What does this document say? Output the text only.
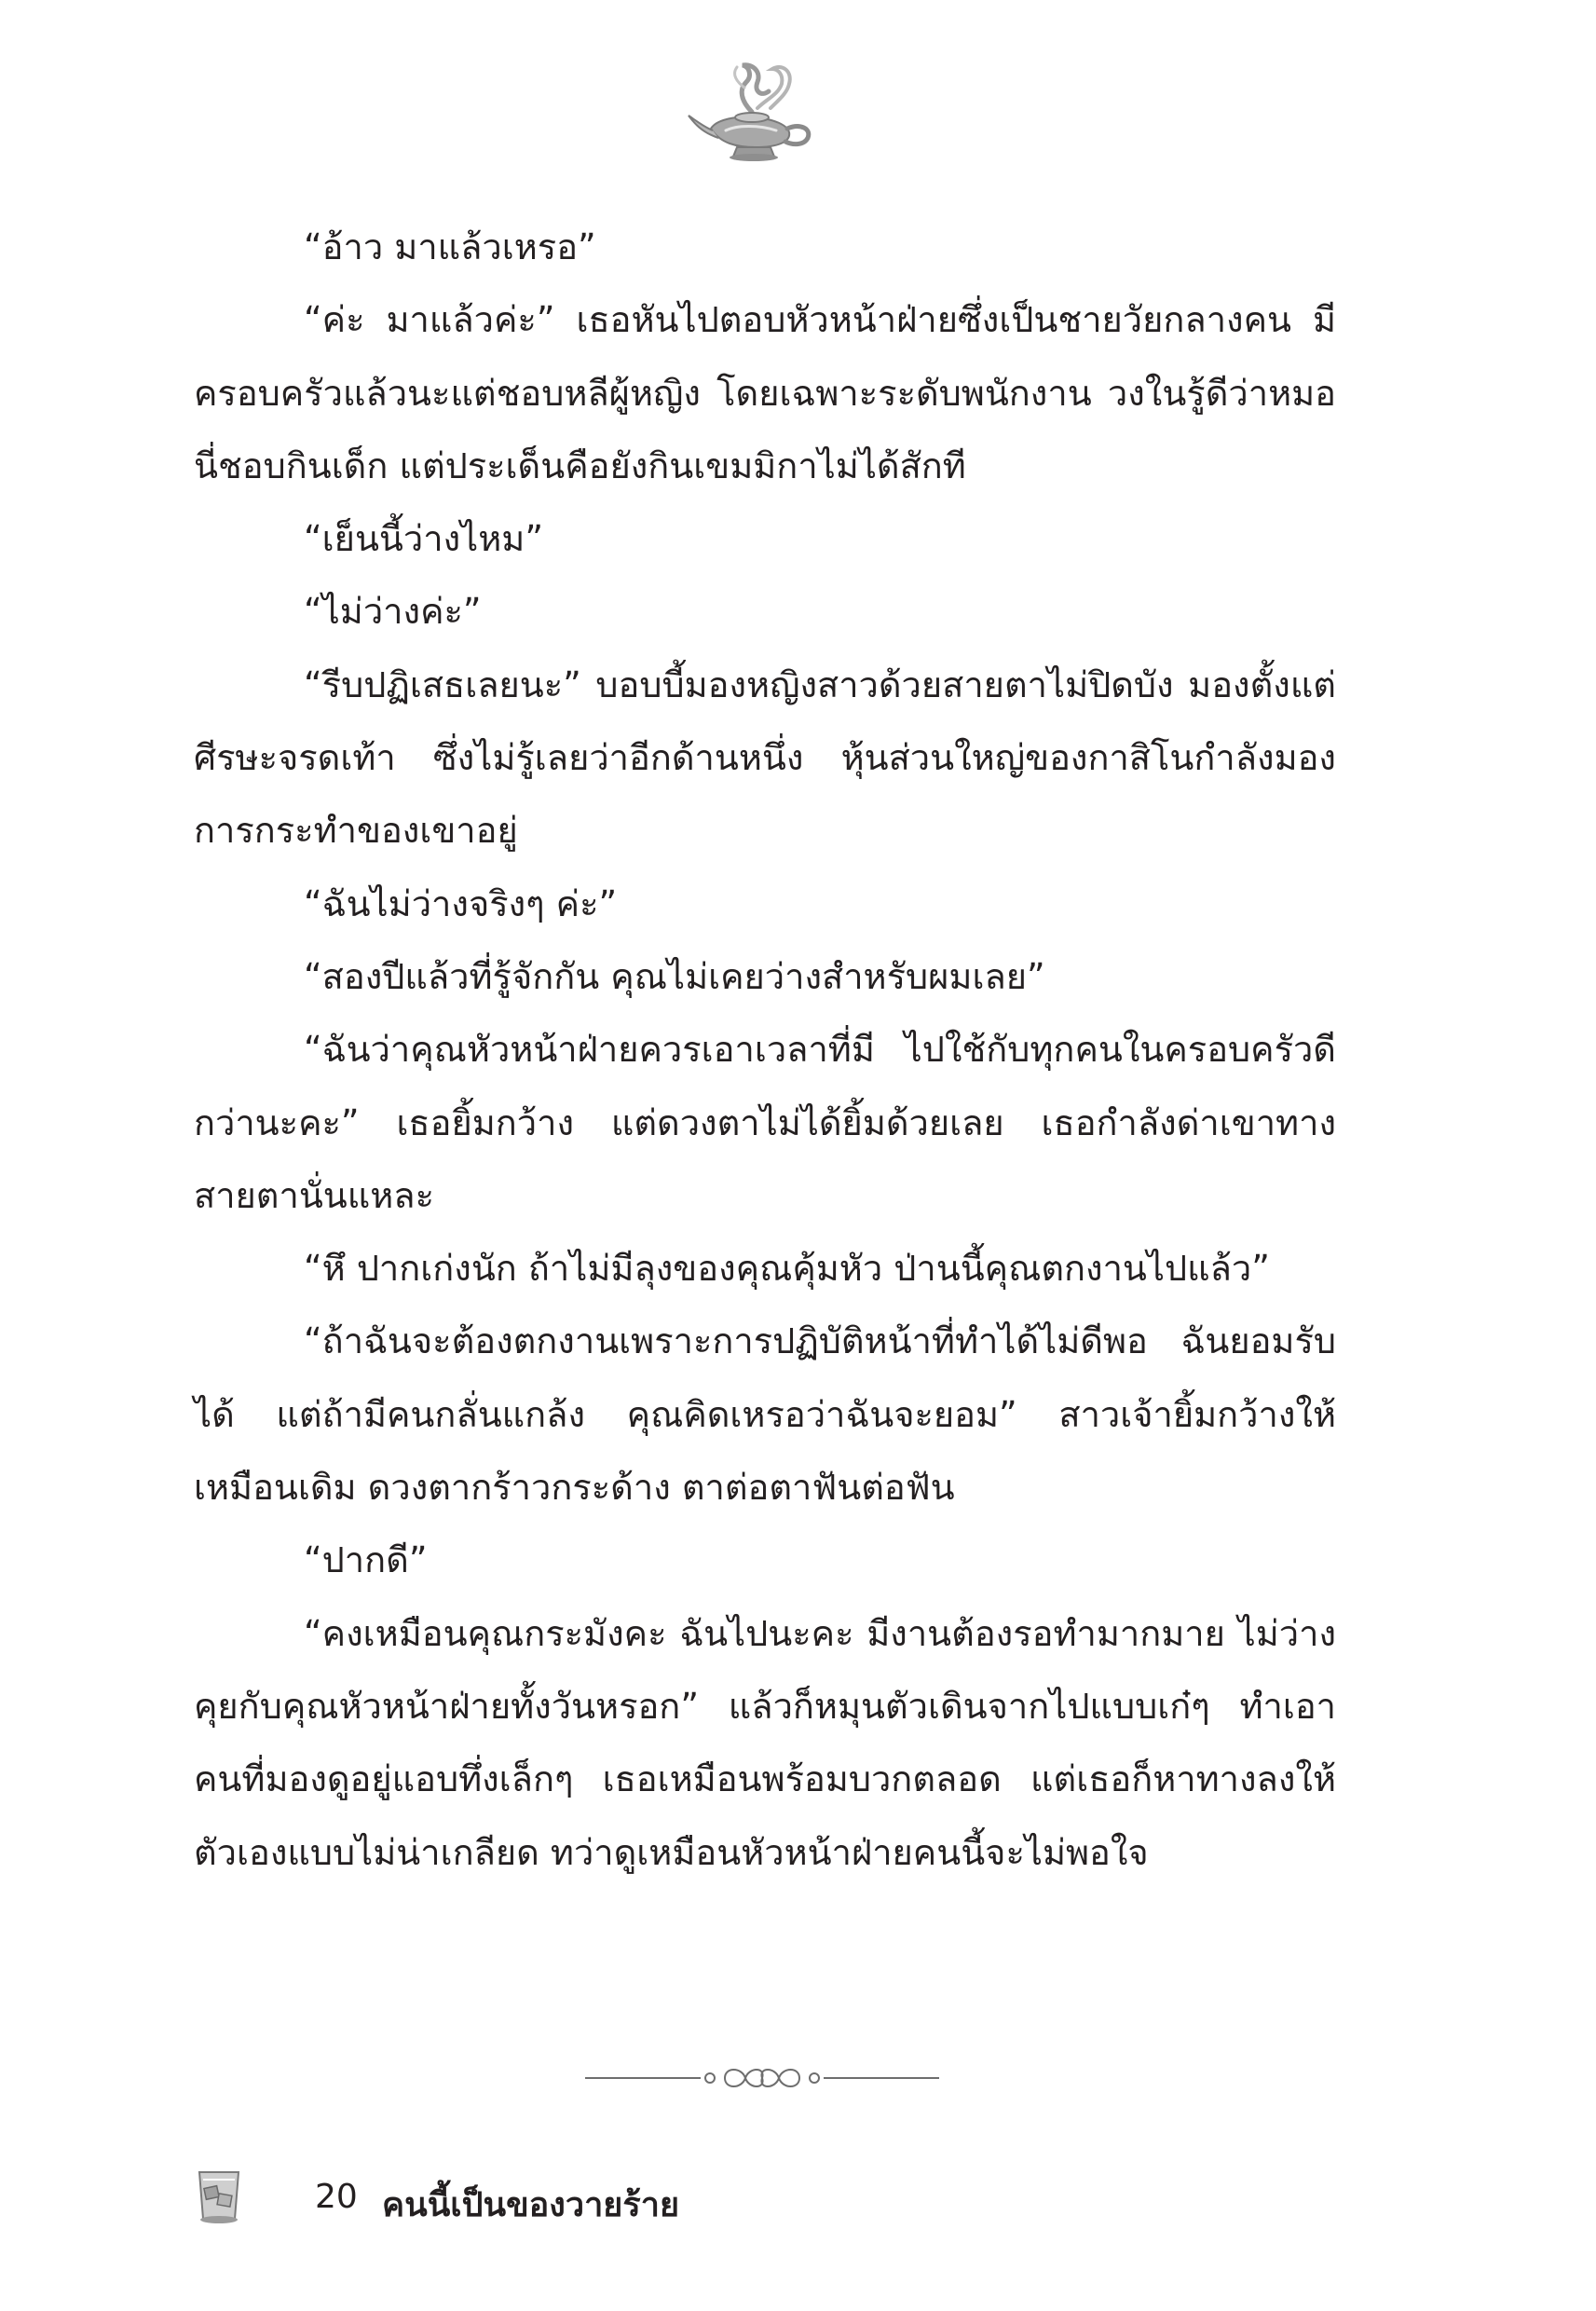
“อ้าว มาแล้วเหรอ”

“ค่ะ มาแล้วค่ะ” เธอหันไปตอบหัวหน้าฝ่ายซึ่งเป็นชายวัยกลางคน มีครอบครัวแล้วนะแต่ชอบหลีผู้หญิง โดยเฉพาะระดับพนักงาน วงในรู้ดีว่าหมอนี่ชอบกินเด็ก แต่ประเด็นคือยังกินเขมมิกาไม่ได้สักที

“เย็นนี้ว่างไหม”

“ไม่ว่างค่ะ”

“รีบปฏิเสธเลยนะ” บอบบี้มองหญิงสาวด้วยสายตาไม่ปิดบัง มองตั้งแต่ศีรษะจรดเท้า ซึ่งไม่รู้เลยว่าอีกด้านหนึ่ง หุ้นส่วนใหญ่ของกาสิโนกำลังมองการกระทำของเขาอยู่

“ฉันไม่ว่างจริงๆ ค่ะ”

“สองปีแล้วที่รู้จักกัน คุณไม่เคยว่างสำหรับผมเลย”

“ฉันว่าคุณหัวหน้าฝ่ายควรเอาเวลาที่มี ไปใช้กับทุกคนในครอบครัวดีกว่านะคะ” เธอยิ้มกว้าง แต่ดวงตาไม่ได้ยิ้มด้วยเลย เธอกำลังด่าเขาทางสายตานั่นแหละ

“หึ ปากเก่งนัก ถ้าไม่มีลุงของคุณคุ้มหัว ป่านนี้คุณตกงานไปแล้ว”

“ถ้าฉันจะต้องตกงานเพราะการปฏิบัติหน้าที่ทำได้ไม่ดีพอ ฉันยอมรับได้ แต่ถ้ามีคนกลั่นแกล้ง คุณคิดเหรอว่าฉันจะยอม” สาวเจ้ายิ้มกว้างให้เหมือนเดิม ดวงตากร้าวกระด้าง ตาต่อตาฟันต่อฟัน

“ปากดี”

“คงเหมือนคุณกระมังคะ ฉันไปนะคะ มีงานต้องรอทำมากมาย ไม่ว่างคุยกับคุณหัวหน้าฝ่ายทั้งวันหรอก” แล้วก็หมุนตัวเดินจากไปแบบเก๋ๆ ทำเอาคนที่มองดูอยู่แอบทึ่งเล็กๆ เธอเหมือนพร้อมบวกตลอด แต่เธอก็หาทางลงให้ตัวเองแบบไม่น่าเกลียด ทว่าดูเหมือนหัวหน้าฝ่ายคนนี้จะไม่พอใจ

20 คนนี้เป็นของวายร้าย
